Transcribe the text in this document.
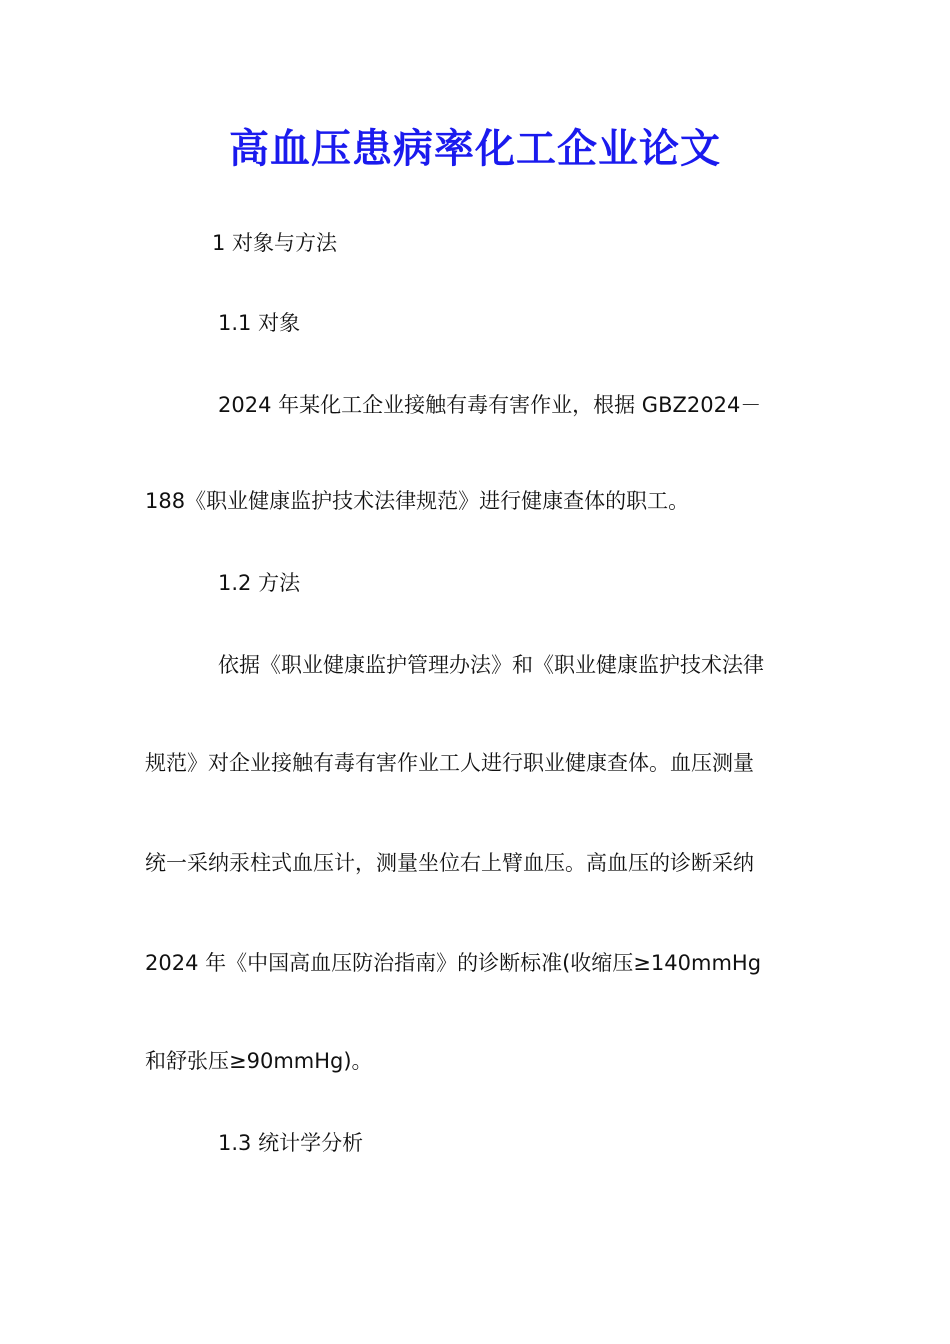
高血压患病率化工企业论文
1 对象与方法
1.1 对象
2024 年某化工企业接触有毒有害作业，根据 GBZ2024－
188《职业健康监护技术法律规范》进行健康查体的职工。
1.2 方法
依据《职业健康监护管理办法》和《职业健康监护技术法律
规范》对企业接触有毒有害作业工人进行职业健康查体。血压测量
统一采纳汞柱式血压计，测量坐位右上臂血压。高血压的诊断采纳
2024 年《中国高血压防治指南》的诊断标准(收缩压≥140mmHg
和舒张压≥90mmHg)。
1.3 统计学分析
